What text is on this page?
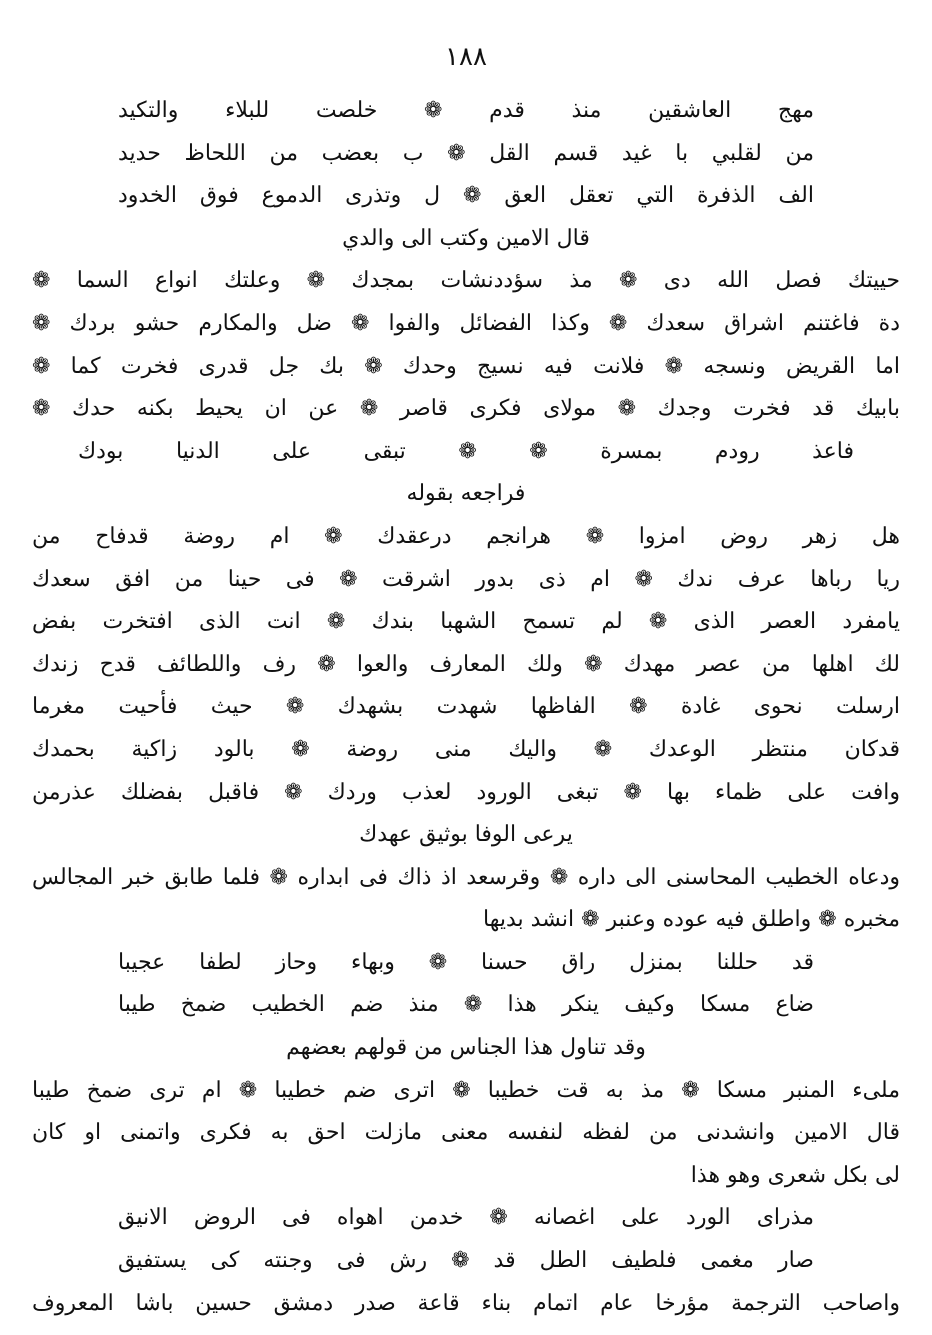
١٨٨
مهج العاشقين منذ قدم ❁ خلصت للبلاء والتكيد
من لقلبي با غيد قسم القل ❁ ب بعضب من اللحاظ حديد
الف الذفرة التي تعقل العق ❁ ل وتذرى الدموع فوق الخدود
قال الامين وكتب الى والدي
حييتك فصل الله دى ❁ مذ سؤددنشات بمجدك ❁ وعلتك انواع السما ❁
دة فاغتنم اشراق سعدك ❁ وكذا الفضائل والفوا ❁ ضل والمكارم حشو بردك ❁
اما القريض ونسجه ❁ فلانت فيه نسيج وحدك ❁ بك جل قدرى فخرت كما ❁
بابيك قد فخرت وجدك ❁ مولاى فكرى قاصر ❁ عن ان يحيط بكنه حدك ❁
فاعذ رودم بمسرة ❁ ❁ تبقى على الدنيا بودك
فراجعه بقوله
هل زهر روض امزوا ❁ هرانجم درعقدك ❁ ام روضة قدفاح من
ريا رباها عرف ندك ❁ ام ذى بدور اشرقت ❁ فى حينا من افق سعدك
يامفرد العصر الذى ❁ لم تسمح الشهبا بندك ❁ انت الذى افتخرت بفض
لك اهلها من عصر مهدك ❁ ولك المعارف والعوا ❁ رف واللطائف قدح زندك
ارسلت نحوى غادة ❁ الفاظها شهدت بشهدك ❁ حيث فأحيت مغرما
قدكان منتظر الوعدك ❁ واليك منى روضة ❁ بالود زاكية بحمدك
وافت على ظماء بها ❁ تبغى الورود لعذب وردك ❁ فاقبل بفضلك عذرمن
يرعى الوفا بوثيق عهدك
ودعاه الخطيب المحاسنى الى داره ❁ وقرسعد اذ ذاك فى ابداره ❁ فلما طابق خبر المجالس
مخبره ❁ واطلق فيه عوده وعنبر ❁ انشد بديها
قد حللنا بمنزل راق حسنا ❁ وبهاء وحاز لطفا عجيبا
ضاع مسكا وكيف ينكر هذا ❁ منذ ضم الخطيب ضمخ طيبا
وقد تناول هذا الجناس من قولهم بعضهم
ملىء المنبر مسكا ❁ مذ به قت خطيبا ❁ اترى ضم خطيبا ❁ ام ترى ضمخ طيبا
قال الامين وانشدنى من لفظه لنفسه معنى مازلت احق به فكرى واتمنى او كان
لى بكل شعرى وهو هذا
مذراى الورد على اغصانه ❁ خدمن اهواه فى الروض الانيق
صار مغمى فلطيف الطل قد ❁ رش فى وجنته كى يستفيق
واصاحب الترجمة مؤرخا عام اتمام بناء قاعة صدر دمشق حسين باشا المعروف
